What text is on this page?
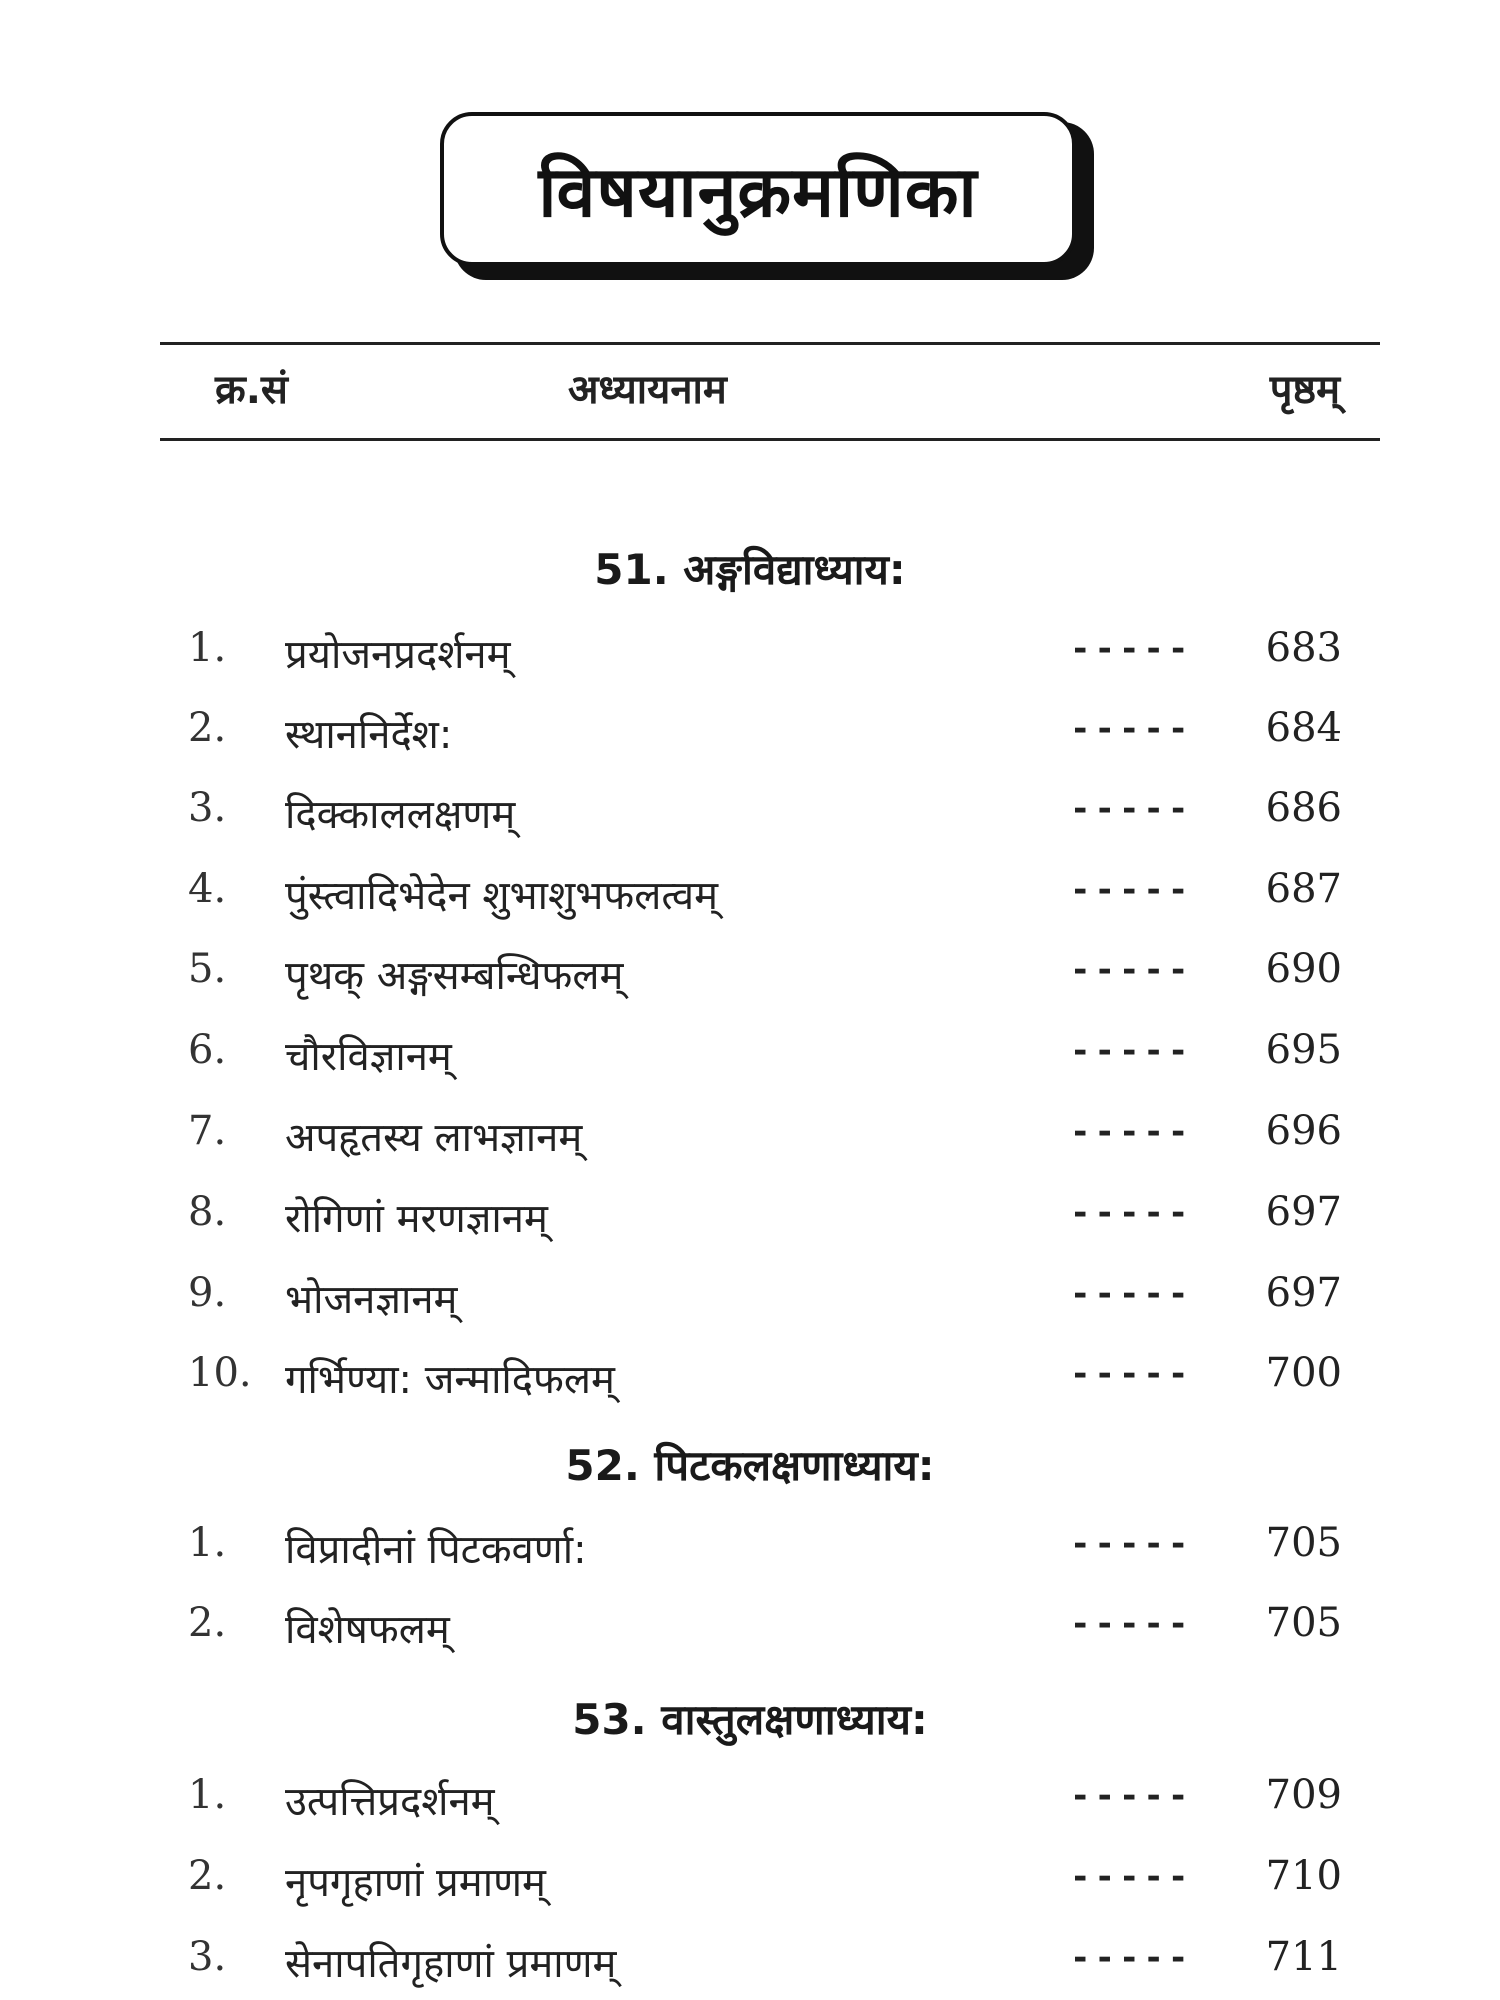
विषयानुक्रमणिका
क्र.सं	अध्यायनाम	पृष्ठम्
51. अङ्गविद्याध्याय:
1. प्रयोजनप्रदर्शनम्	----- 683
2. स्थाननिर्देश:	----- 684
3. दिक्काललक्षणम्	----- 686
4. पुंस्त्वादिभेदेन शुभाशुभफलत्वम्	----- 687
5. पृथक् अङ्गसम्बन्धिफलम्	----- 690
6. चौरविज्ञानम्	----- 695
7. अपहृतस्य लाभज्ञानम्	----- 696
8. रोगिणां मरणज्ञानम्	----- 697
9. भोजनज्ञानम्	----- 697
10. गर्भिण्या: जन्मादिफलम्	----- 700
52. पिटकलक्षणाध्याय:
1. विप्रादीनां पिटकवर्णा:	----- 705
2. विशेषफलम्	----- 705
53. वास्तुलक्षणाध्याय:
1. उत्पत्तिप्रदर्शनम्	----- 709
2. नृपगृहाणां प्रमाणम्	----- 710
3. सेनापतिगृहाणां प्रमाणम्	----- 711
